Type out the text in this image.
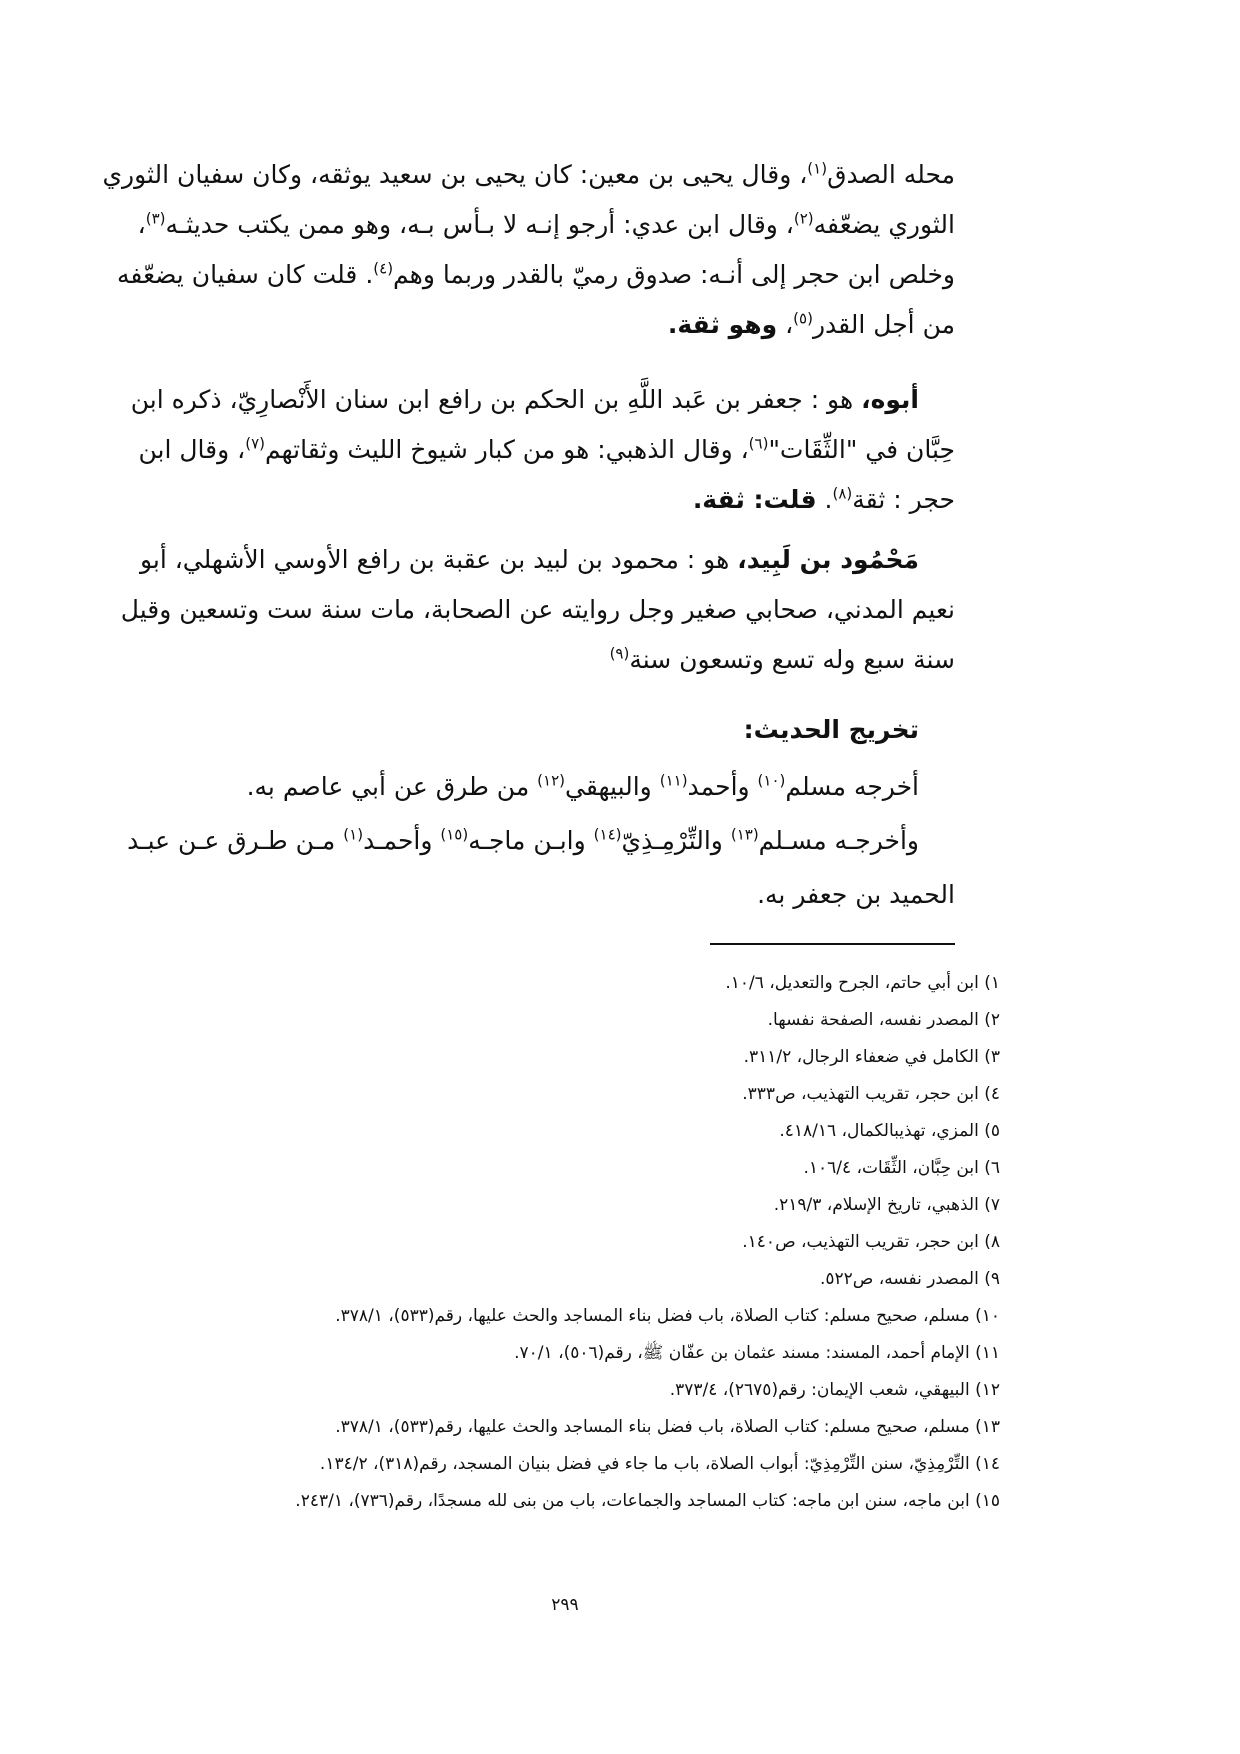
محله الصدق$^{(١)}$، وقال يحيى بن معين: كان يحيى بن سعيد يوثقه، وكان سفيان الثوري
الثوري يضعّفه$^{(٢)}$، وقال ابن عدي: أرجو إنـه لا بـأس بـه، وهو ممن يكتب حديثـه$^{(٣)}$،
وخلص ابن حجر إلى أنـه: صدوق رميّ بالقدر وربما وهم$^{(٤)}$. قلت كان سفيان يضعّفه
من أجل القدر$^{(٥)}$، وهو ثقة.
أبوه، هو : جعفر بن عَبد اللَّهِ بن الحكم بن رافع ابن سنان الأَنْصارِيّ، ذكره ابن
حِبَّان في "الثِّقَات"$^{(٦)}$، وقال الذهبي: هو من كبار شيوخ الليث وثقاتهم$^{(٧)}$، وقال ابن
حجر : ثقة$^{(٨)}$. قلت: ثقة.
مَحْمُود بن لَبِيد، هو : محمود بن لبيد بن عقبة بن رافع الأوسي الأشهلي، أبو
نعيم المدني، صحابي صغير وجل روايته عن الصحابة، مات سنة ست وتسعين وقيل
سنة سبع وله تسع وتسعون سنة$^{(٩)}$
تخريج الحديث:
أخرجه مسلم$^{(١٠)}$ وأحمد$^{(١١)}$ والبيهقي$^{(١٢)}$ من طرق عن أبي عاصم به.
وأخرجـه مسـلم$^{(١٣)}$ والتِّرْمِـذِيّ$^{(١٤)}$ وابـن ماجـه$^{(١٥)}$ وأحمـد$^{(١)}$ مـن طـرق عـن عبـد
الحميد بن جعفر به.
١) ابن أبي حاتم، الجرح والتعديل، ١٠/٦.
٢) المصدر نفسه، الصفحة نفسها.
٣) الكامل في ضعفاء الرجال، ٣١١/٢.
٤) ابن حجر، تقريب التهذيب، ص٣٣٣.
٥) المزي، تهذيبالكمال، ٤١٨/١٦.
٦) ابن حِبَّان، الثِّقَات، ١٠٦/٤.
٧) الذهبي، تاريخ الإسلام، ٢١٩/٣.
٨) ابن حجر، تقريب التهذيب، ص١٤٠.
٩) المصدر نفسه، ص٥٢٢.
١٠) مسلم، صحيح مسلم: كتاب الصلاة، باب فضل بناء المساجد والحث عليها، رقم(٥٣٣)، ٣٧٨/١.
١١) الإمام أحمد، المسند: مسند عثمان بن عفّان ﷺ، رقم(٥٠٦)، ٧٠/١.
١٢) البيهقي، شعب الإيمان: رقم(٢٦٧٥)، ٣٧٣/٤.
١٣) مسلم، صحيح مسلم: كتاب الصلاة، باب فضل بناء المساجد والحث عليها، رقم(٥٣٣)، ٣٧٨/١.
١٤) التِّرْمِذِيّ، سنن التِّرْمِذِيّ: أبواب الصلاة، باب ما جاء في فضل بنيان المسجد، رقم(٣١٨)، ١٣٤/٢.
١٥) ابن ماجه، سنن ابن ماجه: كتاب المساجد والجماعات، باب من بنى لله مسجدًا، رقم(٧٣٦)، ٢٤٣/١.
٢٩٩
